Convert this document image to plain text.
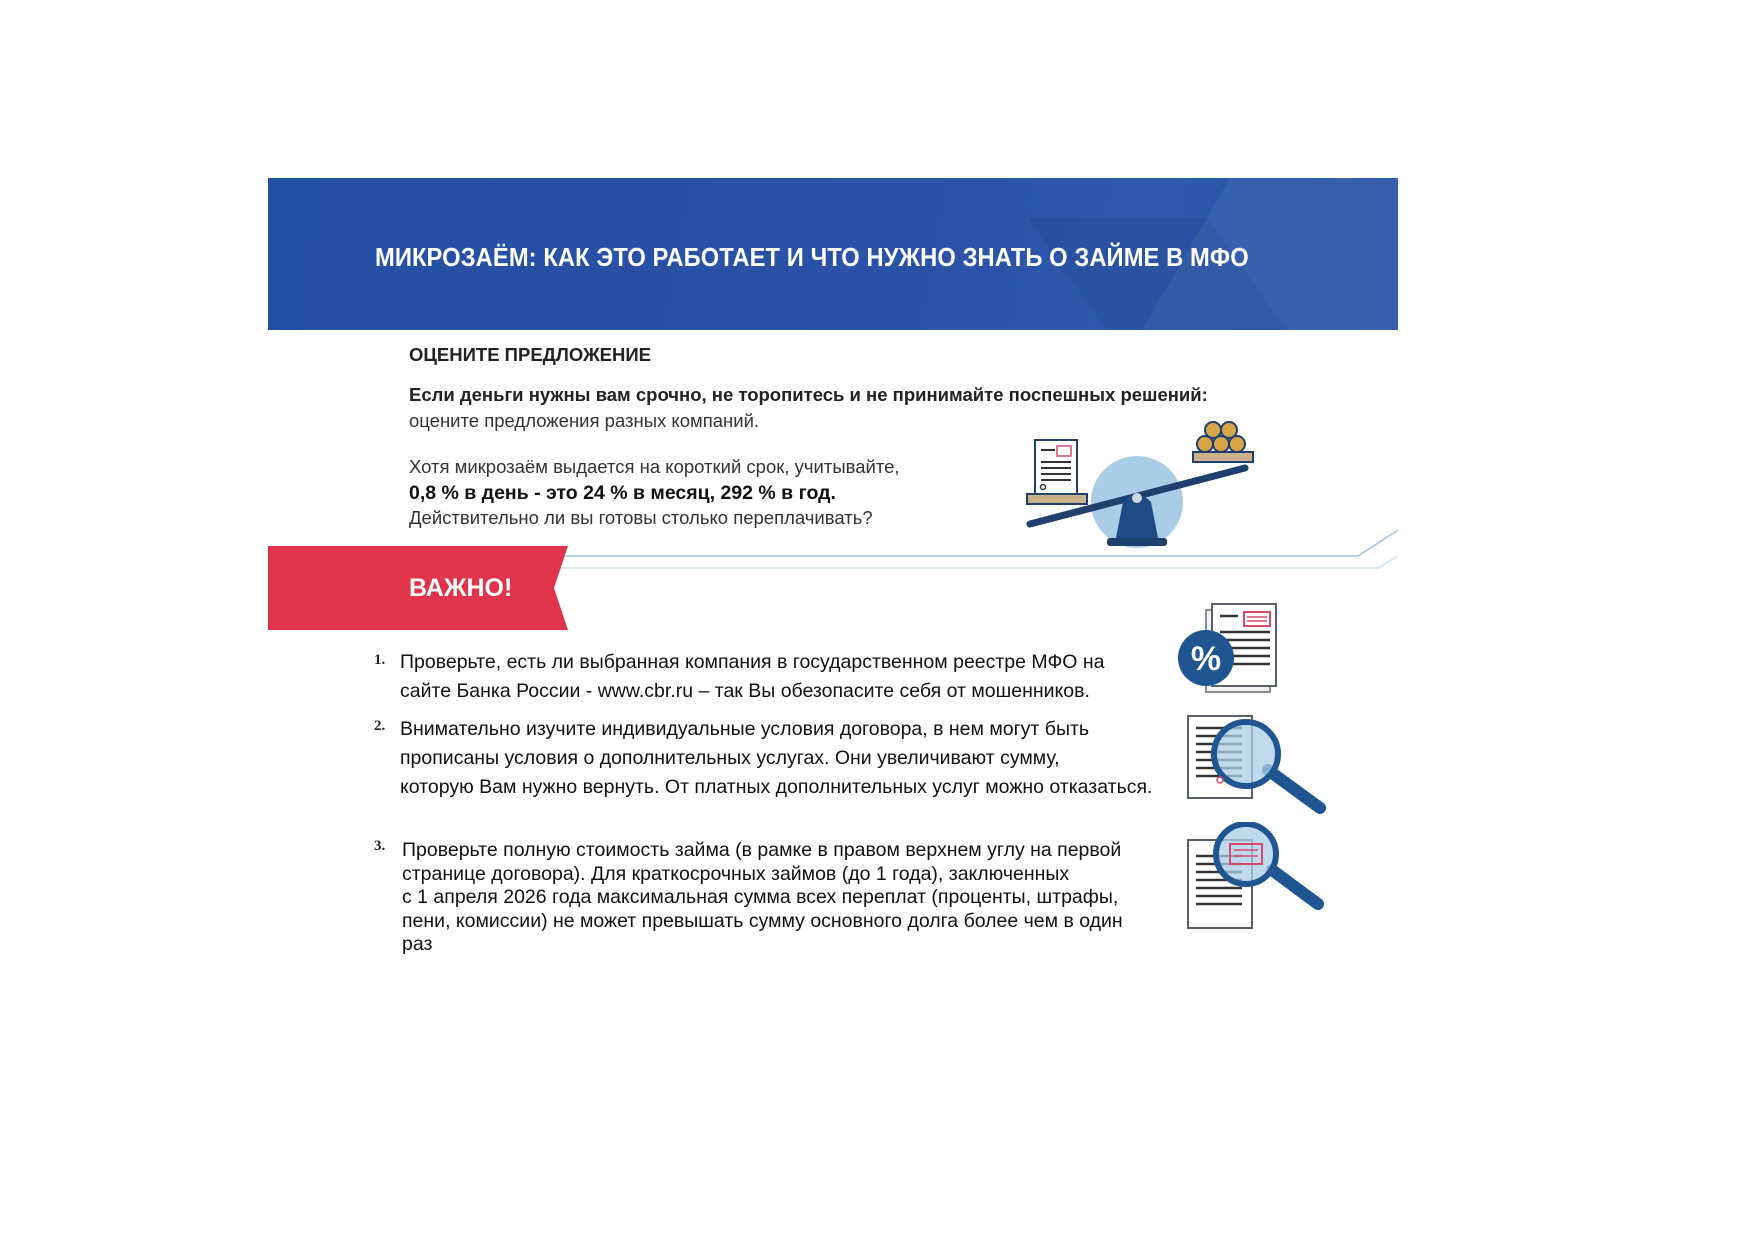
МИКРОЗАЁМ: КАК ЭТО РАБОТАЕТ И ЧТО НУЖНО ЗНАТЬ О ЗАЙМЕ В МФО
ОЦЕНИТЕ ПРЕДЛОЖЕНИЕ
Если деньги нужны вам срочно, не торопитесь и не принимайте поспешных решений:
оцените предложения разных компаний.
Хотя микрозаём выдается на короткий срок, учитывайте,
0,8 % в день - это 24 % в месяц, 292 % в год.
Действительно ли вы готовы столько переплачивать?
ВАЖНО!
1. Проверьте, есть ли выбранная компания в государственном реестре МФО на
сайте Банка России - www.cbr.ru – так Вы обезопасите себя от мошенников.
%
2. Внимательно изучите индивидуальные условия договора, в нем могут быть
прописаны условия о дополнительных услугах. Они увеличивают сумму,
которую Вам нужно вернуть. От платных дополнительных услуг можно отказаться.
3. Проверьте полную стоимость займа (в рамке в правом верхнем углу на первой
странице договора). Для краткосрочных займов (до 1 года), заключенных
с 1 апреля 2026 года максимальная сумма всех переплат (проценты, штрафы,
пени, комиссии) не может превышать сумму основного долга более чем в один
раз
